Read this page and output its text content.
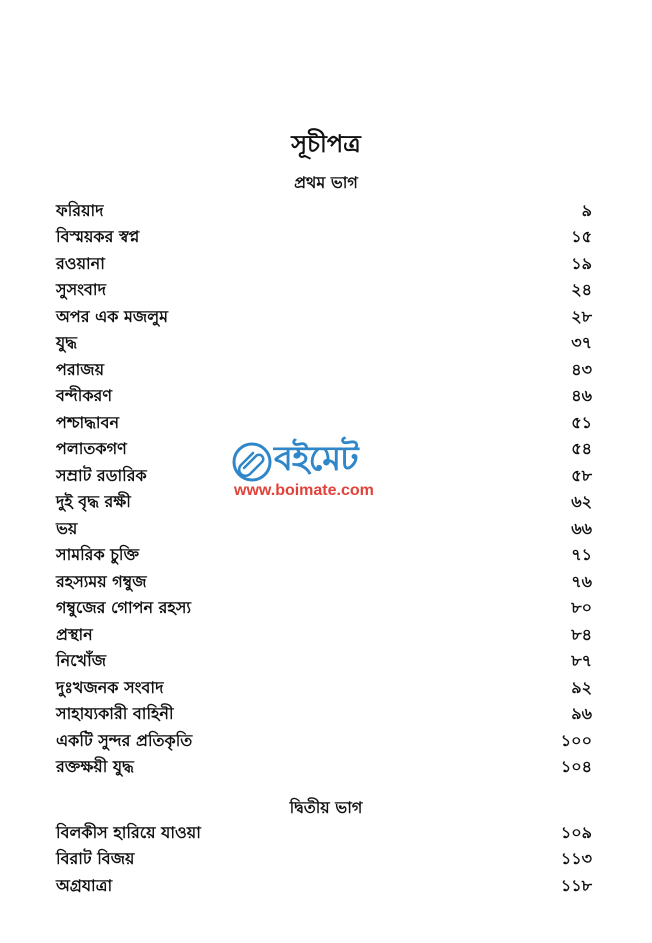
সূচীপত্র
প্রথম ভাগ
ফরিয়াদ	৯
বিস্ময়কর স্বপ্ন	১৫
রওয়ানা	১৯
সুসংবাদ	২৪
অপর এক মজলুম	২৮
যুদ্ধ	৩৭
পরাজয়	৪৩
বন্দীকরণ	৪৬
পশ্চাদ্ধাবন	৫১
পলাতকগণ	৫৪
সম্রাট রডারিক	৫৮
দুই বৃদ্ধ রক্ষী	৬২
ভয়	৬৬
সামরিক চুক্তি	৭১
রহস্যময় গম্বুজ	৭৬
গম্বুজের গোপন রহস্য	৮০
প্রস্থান	৮৪
নিখোঁজ	৮৭
দুঃখজনক সংবাদ	৯২
সাহায্যকারী বাহিনী	৯৬
একটি সুন্দর প্রতিকৃতি	১০০
রক্তক্ষয়ী যুদ্ধ	১০৪
দ্বিতীয় ভাগ
বিলকীস হারিয়ে যাওয়া	১০৯
বিরাট বিজয়	১১৩
অগ্রযাত্রা	১১৮
বইমেট
www.boimate.com
